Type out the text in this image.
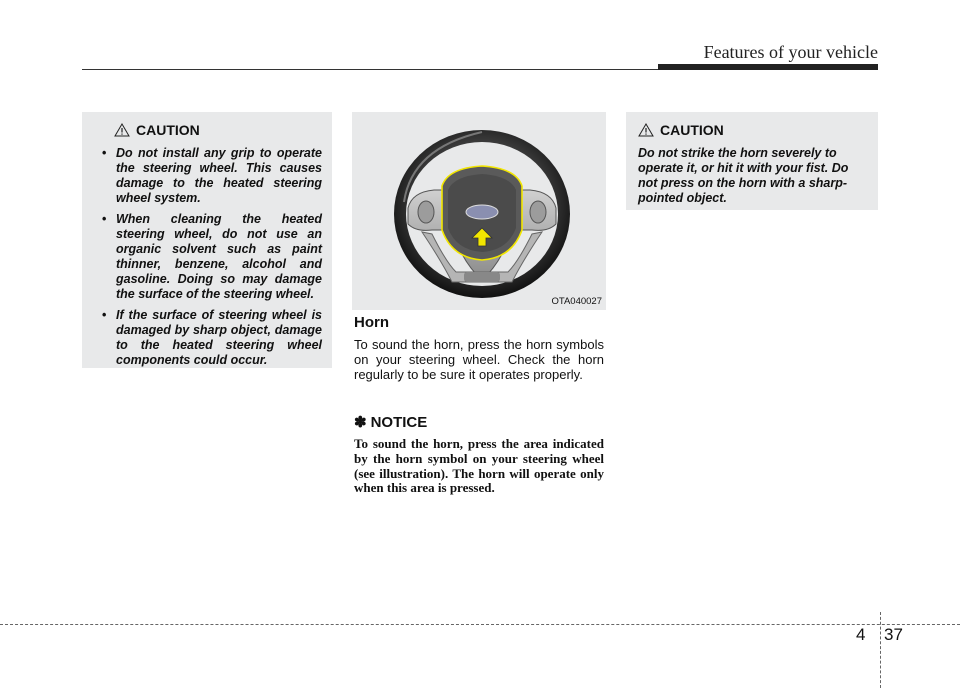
Features of your vehicle
CAUTION
• Do not install any grip to operate the steering wheel. This causes damage to the heated steering wheel system.
• When cleaning the heated steering wheel, do not use an organic solvent such as paint thinner, benzene, alcohol and gasoline. Doing so may damage the surface of the steering wheel.
• If the surface of steering wheel is damaged by sharp object, damage to the heated steering wheel components could occur.
OTA040027
Horn
To sound the horn, press the horn symbols on your steering wheel. Check the horn regularly to be sure it operates properly.
✽ NOTICE
To sound the horn, press the area indicated by the horn symbol on your steering wheel (see illustration). The horn will operate only when this area is pressed.
CAUTION
Do not strike the horn severely to operate it, or hit it with your fist. Do not press on the horn with a sharp-pointed object.
4 37
